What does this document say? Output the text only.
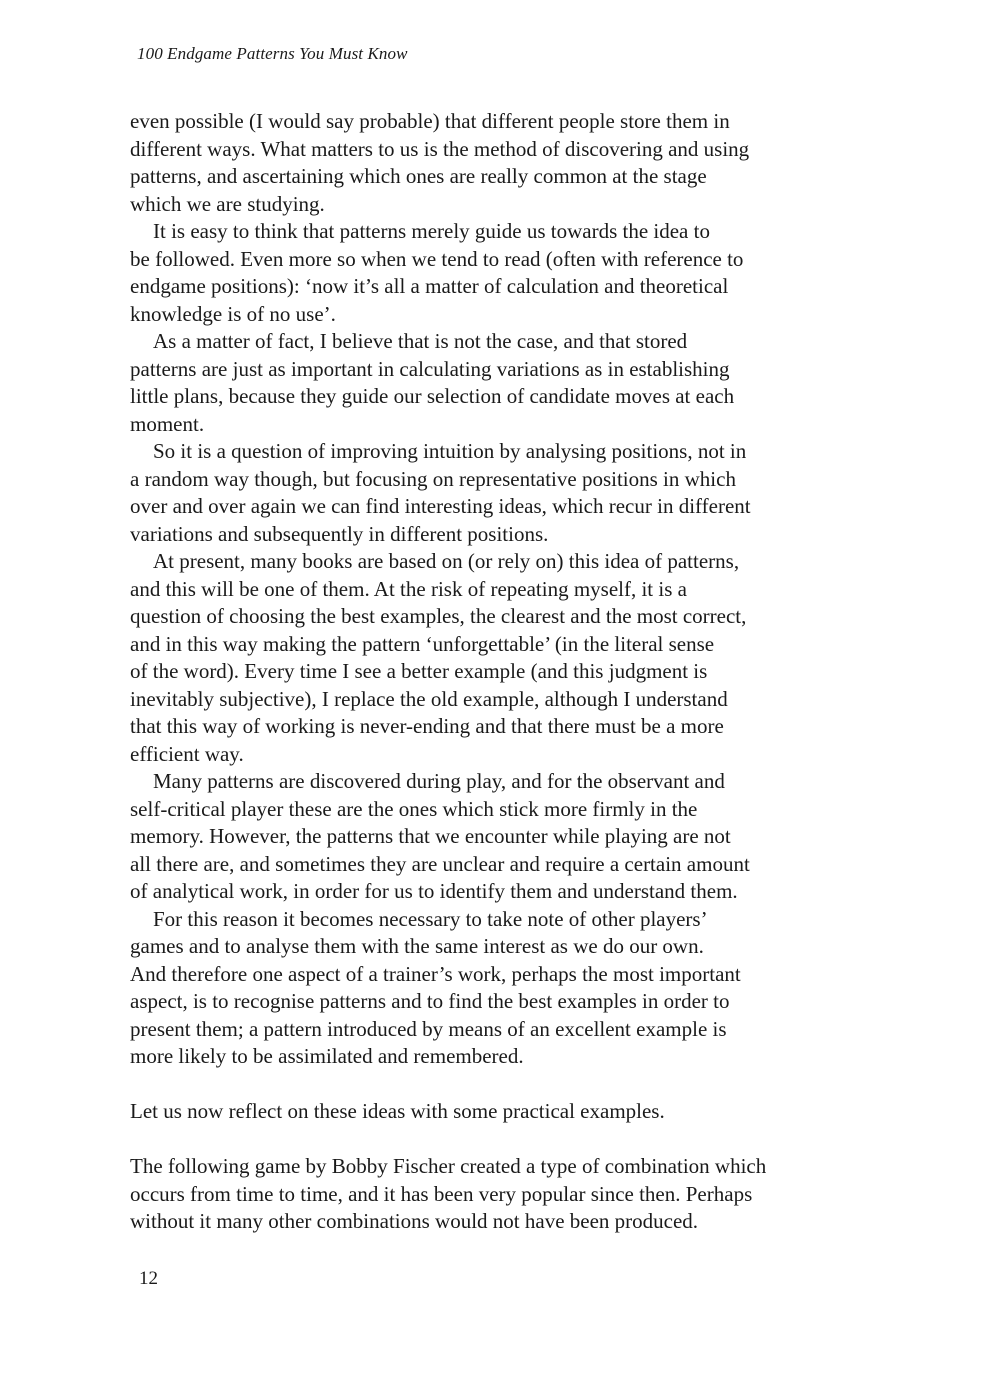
100 Endgame Patterns You Must Know
even possible (I would say probable) that different people store them in
different ways. What matters to us is the method of discovering and using
patterns, and ascertaining which ones are really common at the stage
which we are studying.
It is easy to think that patterns merely guide us towards the idea to
be followed. Even more so when we tend to read (often with reference to
endgame positions): ‘now it’s all a matter of calculation and theoretical
knowledge is of no use’.
As a matter of fact, I believe that is not the case, and that stored
patterns are just as important in calculating variations as in establishing
little plans, because they guide our selection of candidate moves at each
moment.
So it is a question of improving intuition by analysing positions, not in
a random way though, but focusing on representative positions in which
over and over again we can find interesting ideas, which recur in different
variations and subsequently in different positions.
At present, many books are based on (or rely on) this idea of patterns,
and this will be one of them. At the risk of repeating myself, it is a
question of choosing the best examples, the clearest and the most correct,
and in this way making the pattern ‘unforgettable’ (in the literal sense
of the word). Every time I see a better example (and this judgment is
inevitably subjective), I replace the old example, although I understand
that this way of working is never-ending and that there must be a more
efficient way.
Many patterns are discovered during play, and for the observant and
self-critical player these are the ones which stick more firmly in the
memory. However, the patterns that we encounter while playing are not
all there are, and sometimes they are unclear and require a certain amount
of analytical work, in order for us to identify them and understand them.
For this reason it becomes necessary to take note of other players’
games and to analyse them with the same interest as we do our own.
And therefore one aspect of a trainer’s work, perhaps the most important
aspect, is to recognise patterns and to find the best examples in order to
present them; a pattern introduced by means of an excellent example is
more likely to be assimilated and remembered.
Let us now reflect on these ideas with some practical examples.
The following game by Bobby Fischer created a type of combination which
occurs from time to time, and it has been very popular since then. Perhaps
without it many other combinations would not have been produced.
12
